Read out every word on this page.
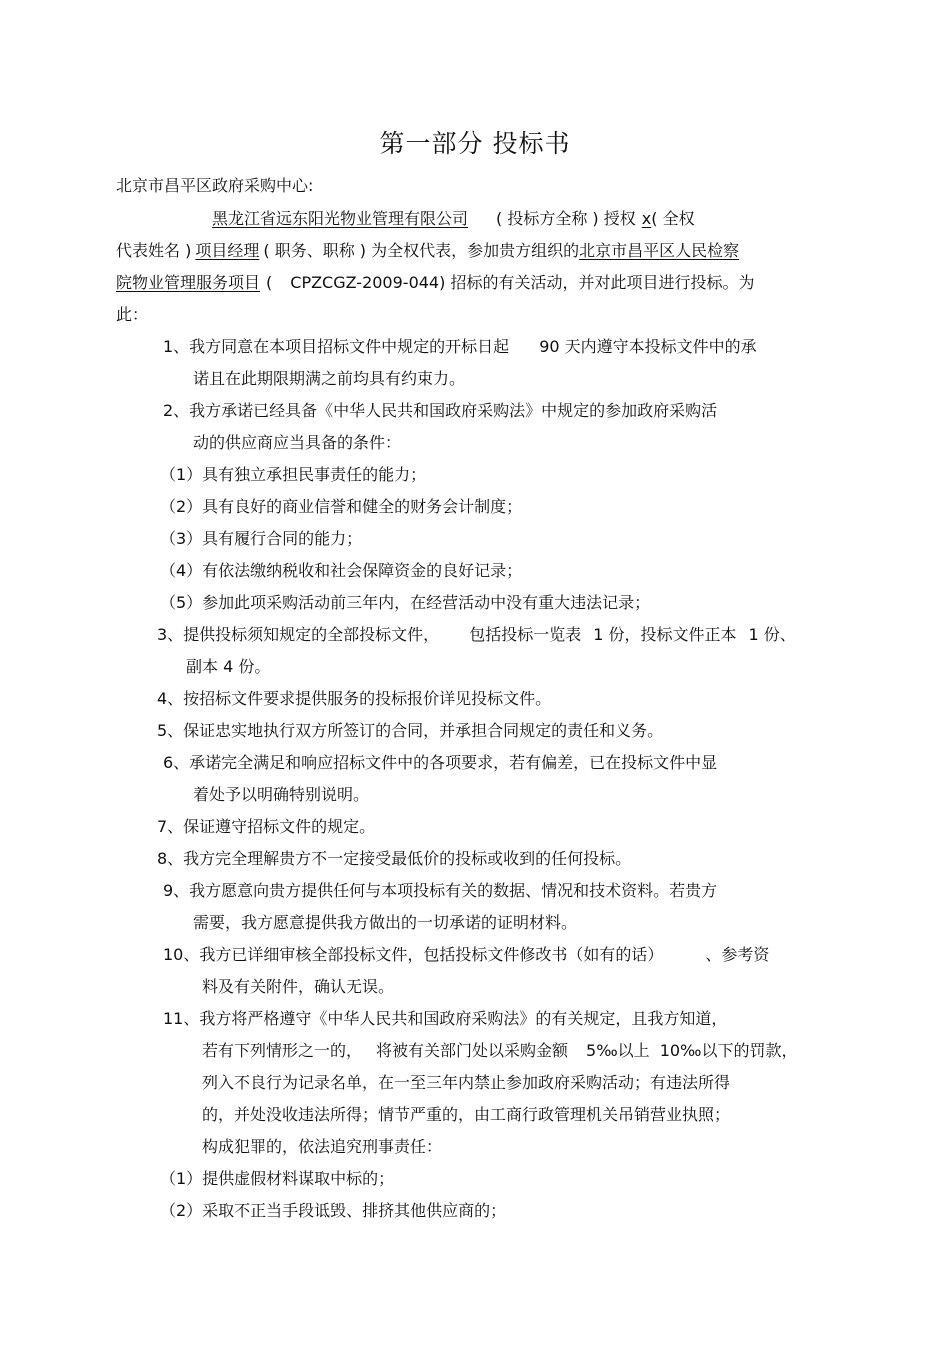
第一部分 投标书
北京市昌平区政府采购中心:
黑龙江省远东阳光物业管理有限公司 ( 投标方全称 ) 授权 x( 全权
代表姓名 ) 项目经理 ( 职务、职称 ) 为全权代表，参加贵方组织的北京市昌平区人民检察
院物业管理服务项目 ( CPZCGZ-2009-044) 招标的有关活动，并对此项目进行投标。为
此：
1、我方同意在本项目招标文件中规定的开标日起 90 天内遵守本投标文件中的承
诺且在此期限期满之前均具有约束力。
2、我方承诺已经具备《中华人民共和国政府采购法》中规定的参加政府采购活
动的供应商应当具备的条件：
（1）具有独立承担民事责任的能力；
（2）具有良好的商业信誉和健全的财务会计制度；
（3）具有履行合同的能力；
（4）有依法缴纳税收和社会保障资金的良好记录；
（5）参加此项采购活动前三年内，在经营活动中没有重大违法记录；
3、提供投标须知规定的全部投标文件， 包括投标一览表 1 份，投标文件正本 1 份、
副本 4 份。
4、按招标文件要求提供服务的投标报价详见投标文件。
5、保证忠实地执行双方所签订的合同，并承担合同规定的责任和义务。
6、承诺完全满足和响应招标文件中的各项要求，若有偏差，已在投标文件中显
着处予以明确特别说明。
7、保证遵守招标文件的规定。
8、我方完全理解贵方不一定接受最低价的投标或收到的任何投标。
9、我方愿意向贵方提供任何与本项投标有关的数据、情况和技术资料。若贵方
需要，我方愿意提供我方做出的一切承诺的证明材料。
10、我方已详细审核全部投标文件，包括投标文件修改书（如有的话）	、参考资
料及有关附件，确认无误。
11、我方将严格遵守《中华人民共和国政府采购法》的有关规定，且我方知道，
若有下列情形之一的， 将被有关部门处以采购金额 5‰以上 10‰以下的罚款，
列入不良行为记录名单，在一至三年内禁止参加政府采购活动；有违法所得
的，并处没收违法所得；情节严重的，由工商行政管理机关吊销营业执照；
构成犯罪的，依法追究刑事责任：
（1）提供虚假材料谋取中标的；
（2）采取不正当手段诋毁、排挤其他供应商的；
